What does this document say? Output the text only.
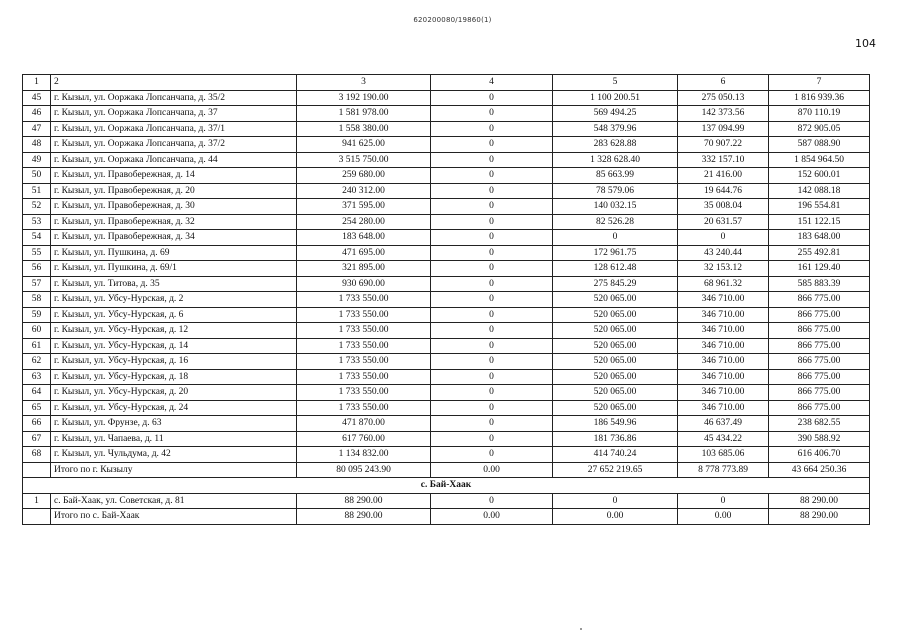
620200080/19860(1)
104
1	2	3	4	5	6	7
45	г. Кызыл, ул. Ооржака Лопсанчапа, д. 35/2	3 192 190.00	0	1 100 200.51	275 050.13	1 816 939.36
46	г. Кызыл, ул. Ооржака Лопсанчапа, д. 37	1 581 978.00	0	569 494.25	142 373.56	870 110.19
47	г. Кызыл, ул. Ооржака Лопсанчапа, д. 37/1	1 558 380.00	0	548 379.96	137 094.99	872 905.05
48	г. Кызыл, ул. Ооржака Лопсанчапа, д. 37/2	941 625.00	0	283 628.88	70 907.22	587 088.90
49	г. Кызыл, ул. Ооржака Лопсанчапа, д. 44	3 515 750.00	0	1 328 628.40	332 157.10	1 854 964.50
50	г. Кызыл, ул. Правобережная, д. 14	259 680.00	0	85 663.99	21 416.00	152 600.01
51	г. Кызыл, ул. Правобережная, д. 20	240 312.00	0	78 579.06	19 644.76	142 088.18
52	г. Кызыл, ул. Правобережная, д. 30	371 595.00	0	140 032.15	35 008.04	196 554.81
53	г. Кызыл, ул. Правобережная, д. 32	254 280.00	0	82 526.28	20 631.57	151 122.15
54	г. Кызыл, ул. Правобережная, д. 34	183 648.00	0	0	0	183 648.00
55	г. Кызыл, ул. Пушкина, д. 69	471 695.00	0	172 961.75	43 240.44	255 492.81
56	г. Кызыл, ул. Пушкина, д. 69/1	321 895.00	0	128 612.48	32 153.12	161 129.40
57	г. Кызыл, ул. Титова, д. 35	930 690.00	0	275 845.29	68 961.32	585 883.39
58	г. Кызыл, ул. Убсу-Нурская, д. 2	1 733 550.00	0	520 065.00	346 710.00	866 775.00
59	г. Кызыл, ул. Убсу-Нурская, д. 6	1 733 550.00	0	520 065.00	346 710.00	866 775.00
60	г. Кызыл, ул. Убсу-Нурская, д. 12	1 733 550.00	0	520 065.00	346 710.00	866 775.00
61	г. Кызыл, ул. Убсу-Нурская, д. 14	1 733 550.00	0	520 065.00	346 710.00	866 775.00
62	г. Кызыл, ул. Убсу-Нурская, д. 16	1 733 550.00	0	520 065.00	346 710.00	866 775.00
63	г. Кызыл, ул. Убсу-Нурская, д. 18	1 733 550.00	0	520 065.00	346 710.00	866 775.00
64	г. Кызыл, ул. Убсу-Нурская, д. 20	1 733 550.00	0	520 065.00	346 710.00	866 775.00
65	г. Кызыл, ул. Убсу-Нурская, д. 24	1 733 550.00	0	520 065.00	346 710.00	866 775.00
66	г. Кызыл, ул. Фрунзе, д. 63	471 870.00	0	186 549.96	46 637.49	238 682.55
67	г. Кызыл, ул. Чапаева, д. 11	617 760.00	0	181 736.86	45 434.22	390 588.92
68	г. Кызыл, ул. Чульдума, д. 42	1 134 832.00	0	414 740.24	103 685.06	616 406.70
	Итого по г. Кызылу	80 095 243.90	0.00	27 652 219.65	8 778 773.89	43 664 250.36
с. Бай-Хаак						
1	с. Бай-Хаак, ул. Советская, д. 81	88 290.00	0	0	0	88 290.00
	Итого по с. Бай-Хаак	88 290.00	0.00	0.00	0.00	88 290.00
